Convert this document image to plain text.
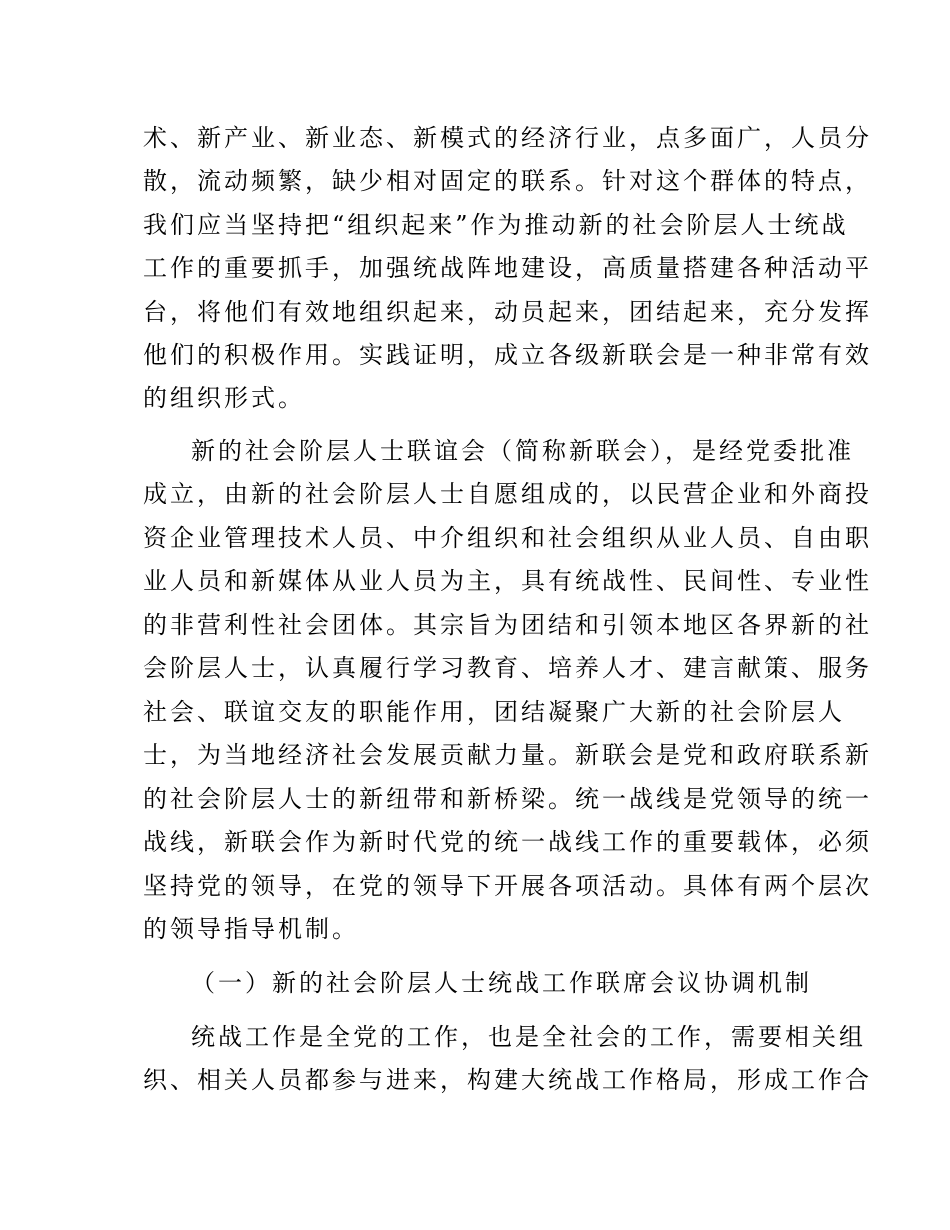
术、新产业、新业态、新模式的经济行业，点多面广，人员分
散，流动频繁，缺少相对固定的联系。针对这个群体的特点，
我们应当坚持把“组织起来”作为推动新的社会阶层人士统战
工作的重要抓手，加强统战阵地建设，高质量搭建各种活动平
台，将他们有效地组织起来，动员起来，团结起来，充分发挥
他们的积极作用。实践证明，成立各级新联会是一种非常有效
的组织形式。
新的社会阶层人士联谊会（简称新联会），是经党委批准
成立，由新的社会阶层人士自愿组成的，以民营企业和外商投
资企业管理技术人员、中介组织和社会组织从业人员、自由职
业人员和新媒体从业人员为主，具有统战性、民间性、专业性
的非营利性社会团体。其宗旨为团结和引领本地区各界新的社
会阶层人士，认真履行学习教育、培养人才、建言献策、服务
社会、联谊交友的职能作用，团结凝聚广大新的社会阶层人
士，为当地经济社会发展贡献力量。新联会是党和政府联系新
的社会阶层人士的新纽带和新桥梁。统一战线是党领导的统一
战线，新联会作为新时代党的统一战线工作的重要载体，必须
坚持党的领导，在党的领导下开展各项活动。具体有两个层次
的领导指导机制。
（一）新的社会阶层人士统战工作联席会议协调机制
统战工作是全党的工作，也是全社会的工作，需要相关组
织、相关人员都参与进来，构建大统战工作格局，形成工作合
